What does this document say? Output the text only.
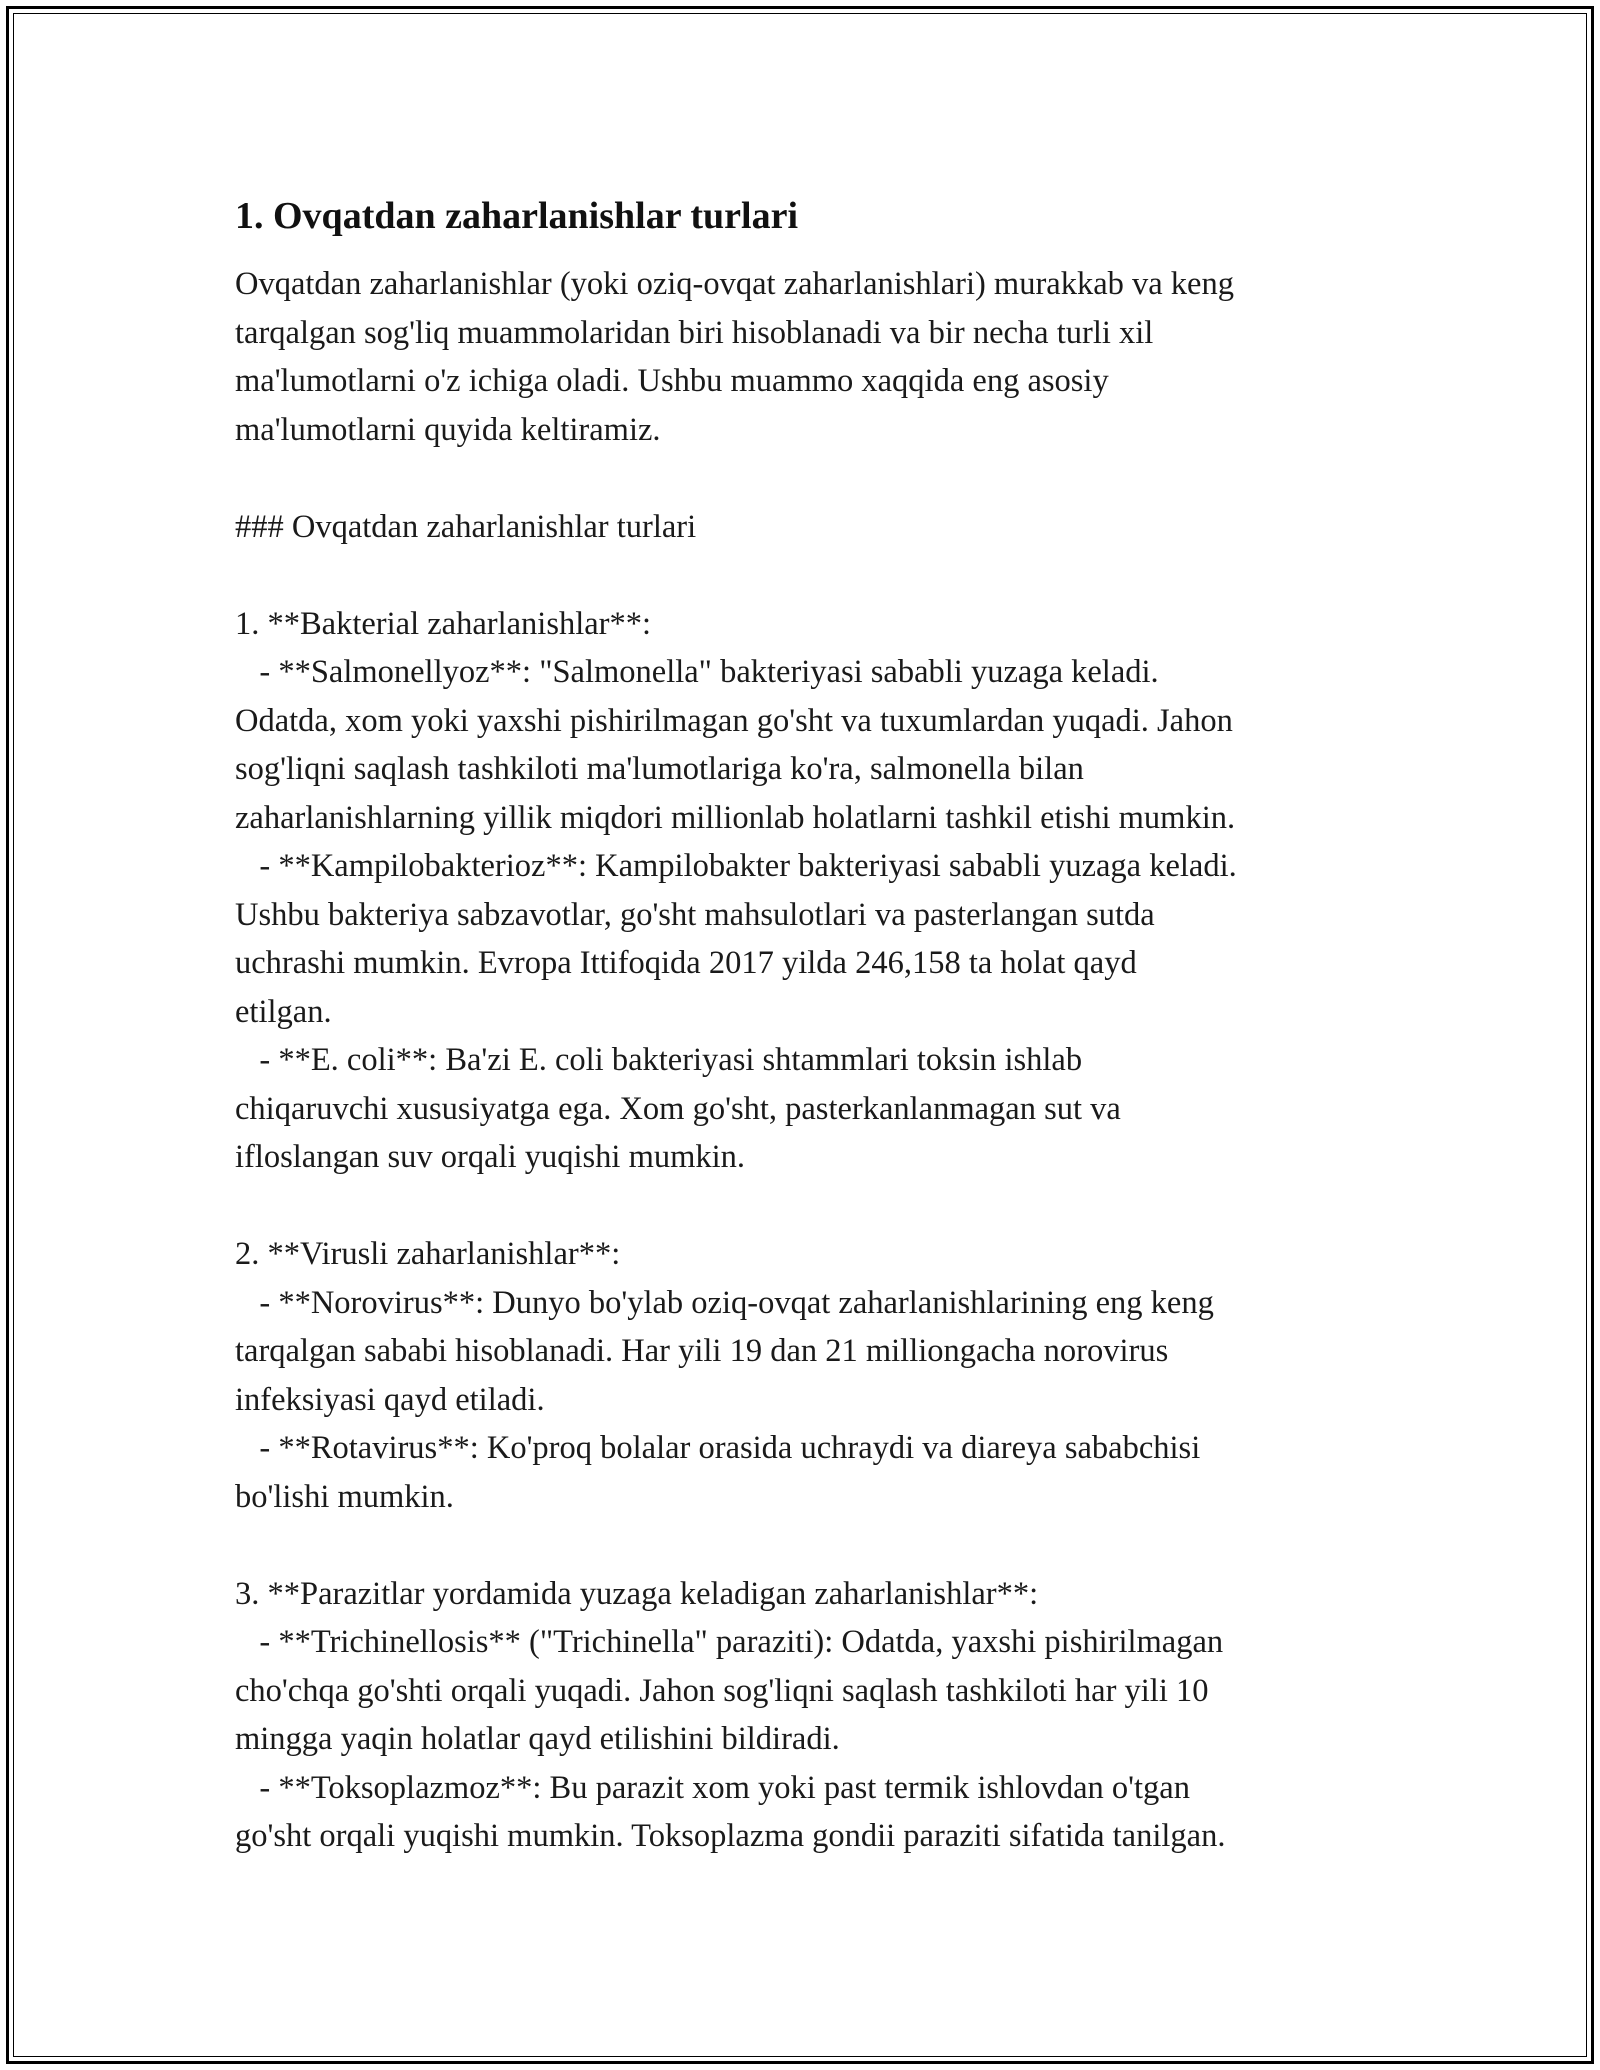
1. Ovqatdan zaharlanishlar turlari

Ovqatdan zaharlanishlar (yoki oziq-ovqat zaharlanishlari) murakkab va keng
tarqalgan sog'liq muammolaridan biri hisoblanadi va bir necha turli xil
ma'lumotlarni o'z ichiga oladi. Ushbu muammo xaqqida eng asosiy
ma'lumotlarni quyida keltiramiz.

### Ovqatdan zaharlanishlar turlari

1. **Bakterial zaharlanishlar**:
- **Salmonellyoz**: "Salmonella" bakteriyasi sababli yuzaga keladi.
Odatda, xom yoki yaxshi pishirilmagan go'sht va tuxumlardan yuqadi. Jahon
sog'liqni saqlash tashkiloti ma'lumotlariga ko'ra, salmonella bilan
zaharlanishlarning yillik miqdori millionlab holatlarni tashkil etishi mumkin.
- **Kampilobakterioz**: Kampilobakter bakteriyasi sababli yuzaga keladi.
Ushbu bakteriya sabzavotlar, go'sht mahsulotlari va pasterlangan sutda
uchrashi mumkin. Evropa Ittifoqida 2017 yilda 246,158 ta holat qayd
etilgan.
- **E. coli**: Ba'zi E. coli bakteriyasi shtammlari toksin ishlab
chiqaruvchi xususiyatga ega. Xom go'sht, pasterkanlanmagan sut va
ifloslangan suv orqali yuqishi mumkin.

2. **Virusli zaharlanishlar**:
- **Norovirus**: Dunyo bo'ylab oziq-ovqat zaharlanishlarining eng keng
tarqalgan sababi hisoblanadi. Har yili 19 dan 21 milliongacha norovirus
infeksiyasi qayd etiladi.
- **Rotavirus**: Ko'proq bolalar orasida uchraydi va diareya sababchisi
bo'lishi mumkin.

3. **Parazitlar yordamida yuzaga keladigan zaharlanishlar**:
- **Trichinellosis** ("Trichinella" paraziti): Odatda, yaxshi pishirilmagan
cho'chqa go'shti orqali yuqadi. Jahon sog'liqni saqlash tashkiloti har yili 10
mingga yaqin holatlar qayd etilishini bildiradi.
- **Toksoplazmoz**: Bu parazit xom yoki past termik ishlovdan o'tgan
go'sht orqali yuqishi mumkin. Toksoplazma gondii paraziti sifatida tanilgan.
